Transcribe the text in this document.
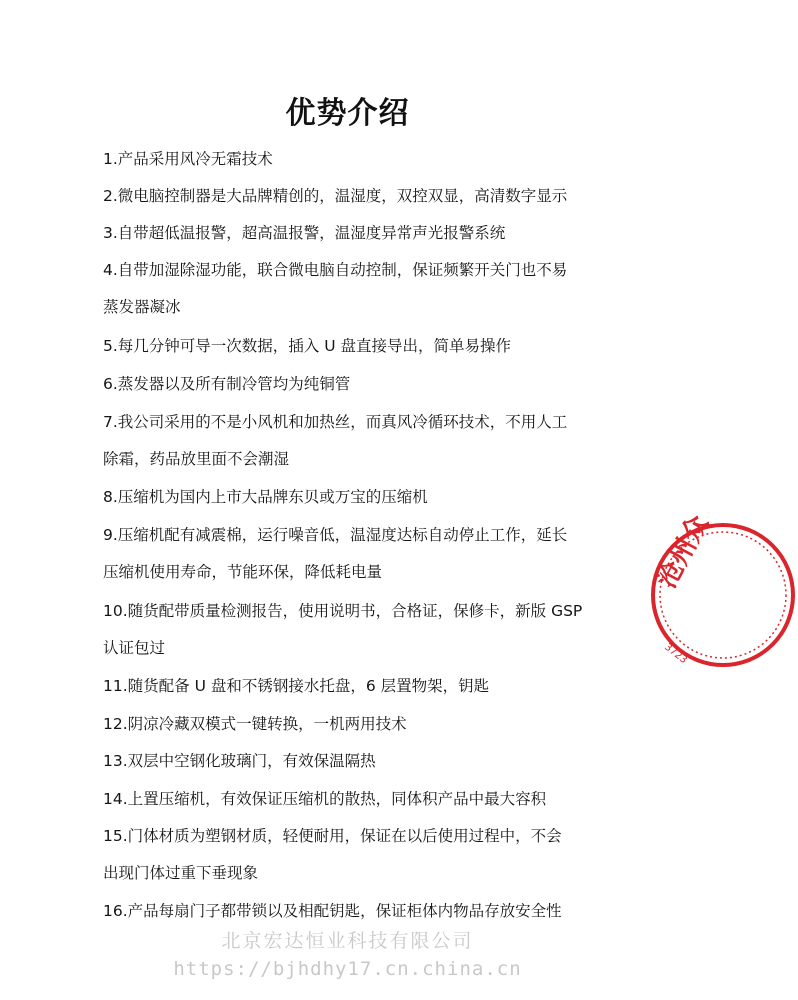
优势介绍
1.产品采用风冷无霜技术
2.微电脑控制器是大品牌精创的，温湿度，双控双显，高清数字显示
3.自带超低温报警，超高温报警，温湿度异常声光报警系统
4.自带加湿除湿功能，联合微电脑自动控制，保证频繁开关门也不易
蒸发器凝冰
5.每几分钟可导一次数据，插入 U 盘直接导出，简单易操作
6.蒸发器以及所有制冷管均为纯铜管
7.我公司采用的不是小风机和加热丝，而真风冷循环技术，不用人工
除霜，药品放里面不会潮湿
8.压缩机为国内上市大品牌东贝或万宝的压缩机
9.压缩机配有减震棉，运行噪音低，温湿度达标自动停止工作，延长
压缩机使用寿命，节能环保，降低耗电量
10.随货配带质量检测报告，使用说明书，合格证，保修卡，新版 GSP
认证包过
11.随货配备 U 盘和不锈钢接水托盘，6 层置物架，钥匙
12.阴凉冷藏双模式一键转换，一机两用技术
13.双层中空钢化玻璃门，有效保温隔热
14.上置压缩机，有效保证压缩机的散热，同体积产品中最大容积
15.门体材质为塑钢材质，轻便耐用，保证在以后使用过程中，不会
出现门体过重下垂现象
16.产品每扇门子都带锁以及相配钥匙，保证柜体内物品存放安全性
沧州众
3723
北京宏达恒业科技有限公司
https://bjhdhy17.cn.china.cn
